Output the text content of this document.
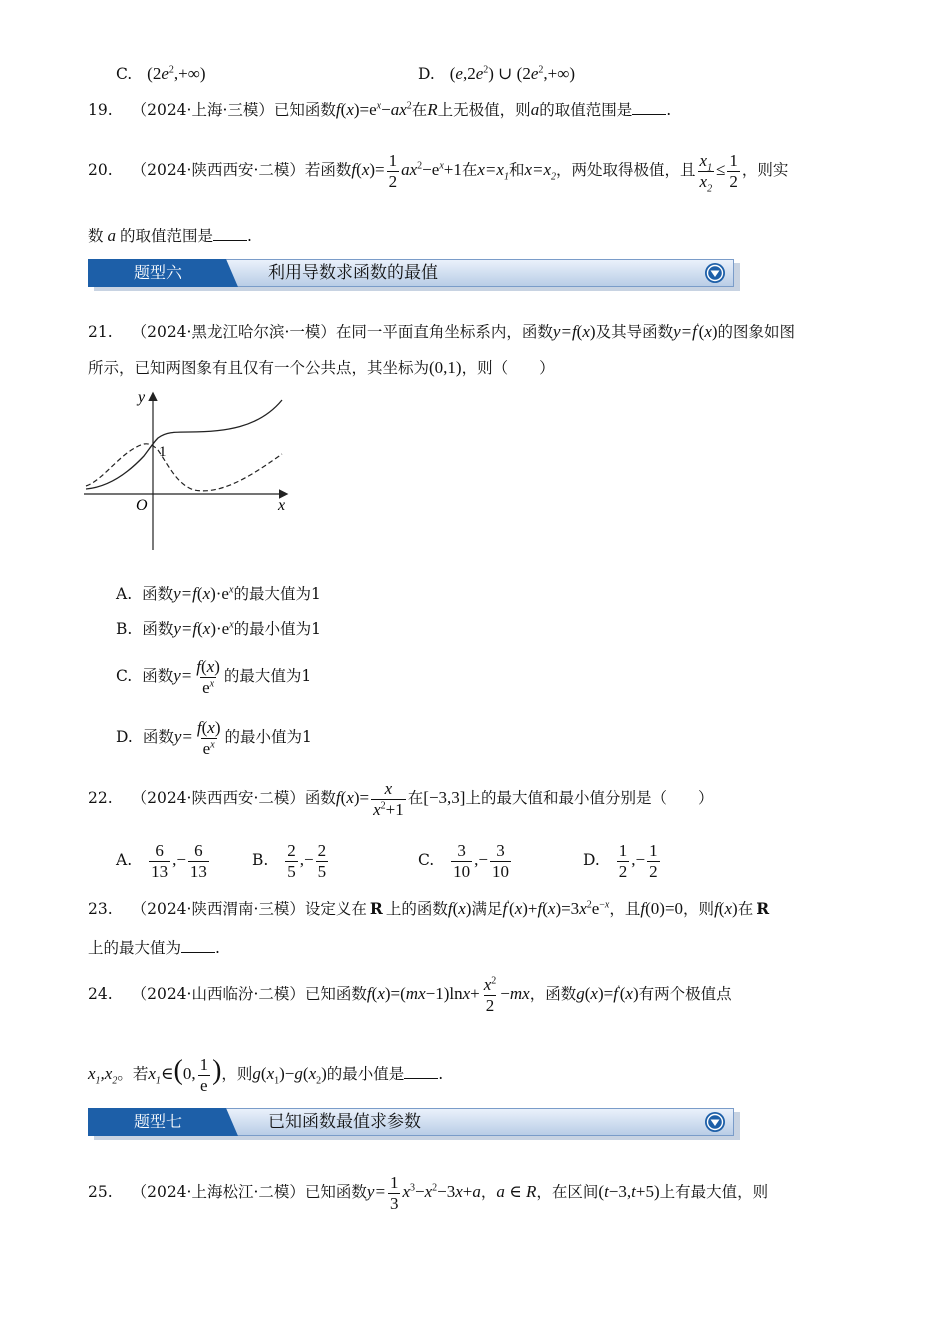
C. $(2e^2,+\infty)$	D. $(e,2e^2)$ ∪ $(2e^2,+\infty)$
19. （2024·上海·三模）已知函数$f(x)=e^x-ax^2$在R上无极值，则a的取值范围是 .
20. （2024·陕西西安·二模）若函数$f(x)= \frac{1}{2} ax^2-e^x+1$在$x=x_1$和$x=x_2$，两处取得极值，且 $\frac{x_1}{x_2} \le \frac{1}{2}$ ，则实
数 a 的取值范围是 .
题型六	利用导数求函数的最值
21. （2024·黑龙江哈尔滨·一模）在同一平面直角坐标系内，函数y=f(x)及其导函数y=f'(x)的图象如图
所示，已知两图象有且仅有一个公共点，其坐标为(0,1)，则（　　）
y
x
O
1
A. 函数$y=f(x)\cdot e^x$的最大值为1
B. 函数$y=f(x)\cdot e^x$的最小值为1
C. 函数$y= \frac{f(x)}{e^x}$ 的最大值为1
D. 函数$y= \frac{f(x)}{e^x}$ 的最小值为1
22. （2024·陕西西安·二模）函数$f(x)= \frac{x}{x^2+1}$ 在[−3,3]上的最大值和最小值分别是（　　）
A. $\frac{6}{13}$ ,− $\frac{6}{13}$	B. $\frac{2}{5}$ ,− $\frac{2}{5}$	C. $\frac{3}{10}$ ,− $\frac{3}{10}$	D. $\frac{1}{2}$ ,− $\frac{1}{2}$
23. （2024·陕西渭南·三模）设定义在 R 上的函数f(x)满足$f'(x)+f(x)=3x^2e^{-x}$，且f(0)=0，则f(x)在 R
上的最大值为 .
24. （2024·山西临汾·二模）已知函数$f(x)=(mx-1)\ln x+ \frac{x^2}{2} -mx$，函数g(x)=f'(x)有两个极值点
$x_1,x_2$。若$x_1\in(0$, $\frac{1}{e}$ )，则$g(x_1)-g(x_2)$的最小值是 .
题型七	已知函数最值求参数
25. （2024·上海松江·二模）已知函数$y= \frac{1}{3} x^3-x^2-3x+a$，a ∈ R，在区间(t−3,t+5)上有最大值，则
